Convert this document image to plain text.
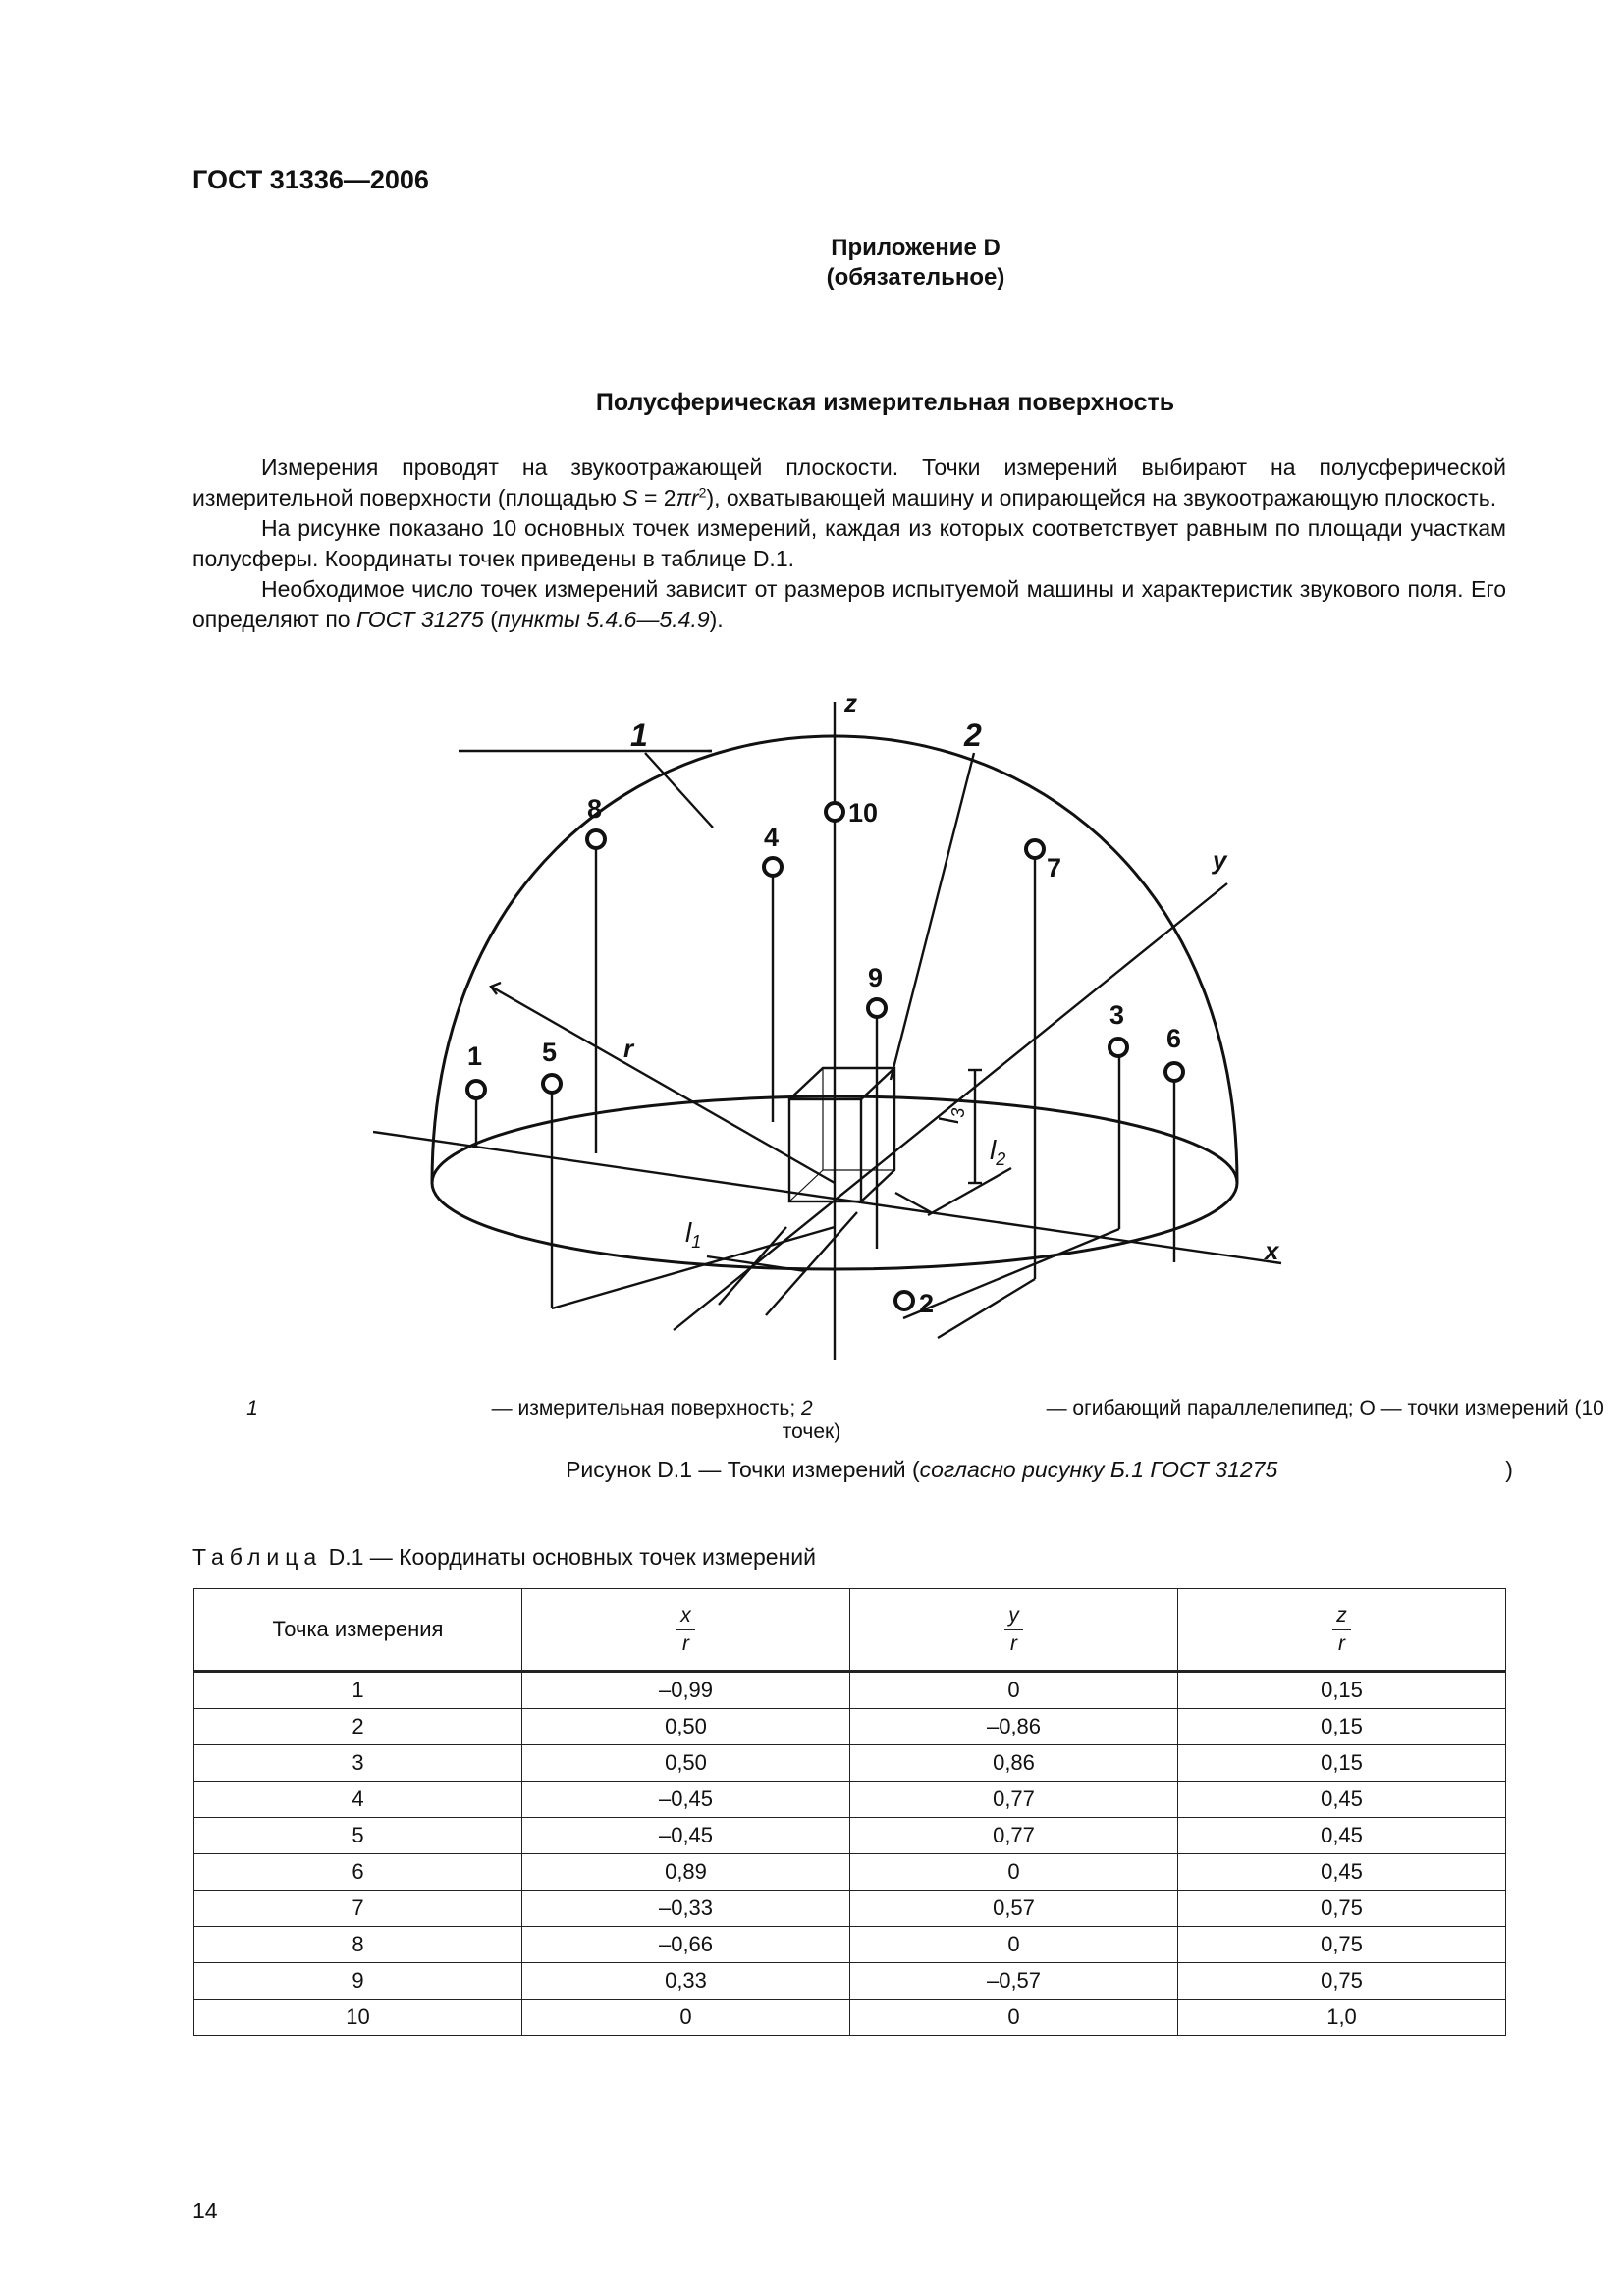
ГОСТ 31336—2006
Приложение D
(обязательное)
Полусферическая измерительная поверхность

Измерения проводят на звукоотражающей плоскости. Точки измерений выбирают на полусферической измерительной поверхности (площадью $S = 2\pi r^2$), охватывающей машину и опирающейся на звукоотражающую плоскость.

На рисунке показано 10 основных точек измерений, каждая из которых соответствует равным по площади участкам полусферы. Координаты точек приведены в таблице D.1.

Необходимое число точек измерений зависит от размеров испытуемой машины и характеристик звукового поля. Его определяют по ГОСТ 31275 (пункты 5.4.6—5.4.9).

1
2
3
4
5	6
7
8
9
10
z
y
x
1	2
r
$l_1$
$l_2$
$l_3$
1	— измерительная поверхность; 2	— огибающий параллелепипед; О — точки измерений (10 точек)
Рисунок D.1 — Точки измерений (согласно рисунку Б.1 ГОСТ 31275	)
Таблица D.1 — Координаты основных точек измерений
Точка измерения	$\frac{x}{r}$	$\frac{y}{r}$	$\frac{z}{r}$

1	–0,99	0	0,15
2	0,50	–0,86	0,15
3	0,50	0,86	0,15
4	–0,45	0,77	0,45
5	–0,45	0,77	0,45
6	0,89	0	0,45
7	–0,33	0,57	0,75
8	–0,66	0	0,75
9	0,33	–0,57	0,75
10	0	0	1,0
14
